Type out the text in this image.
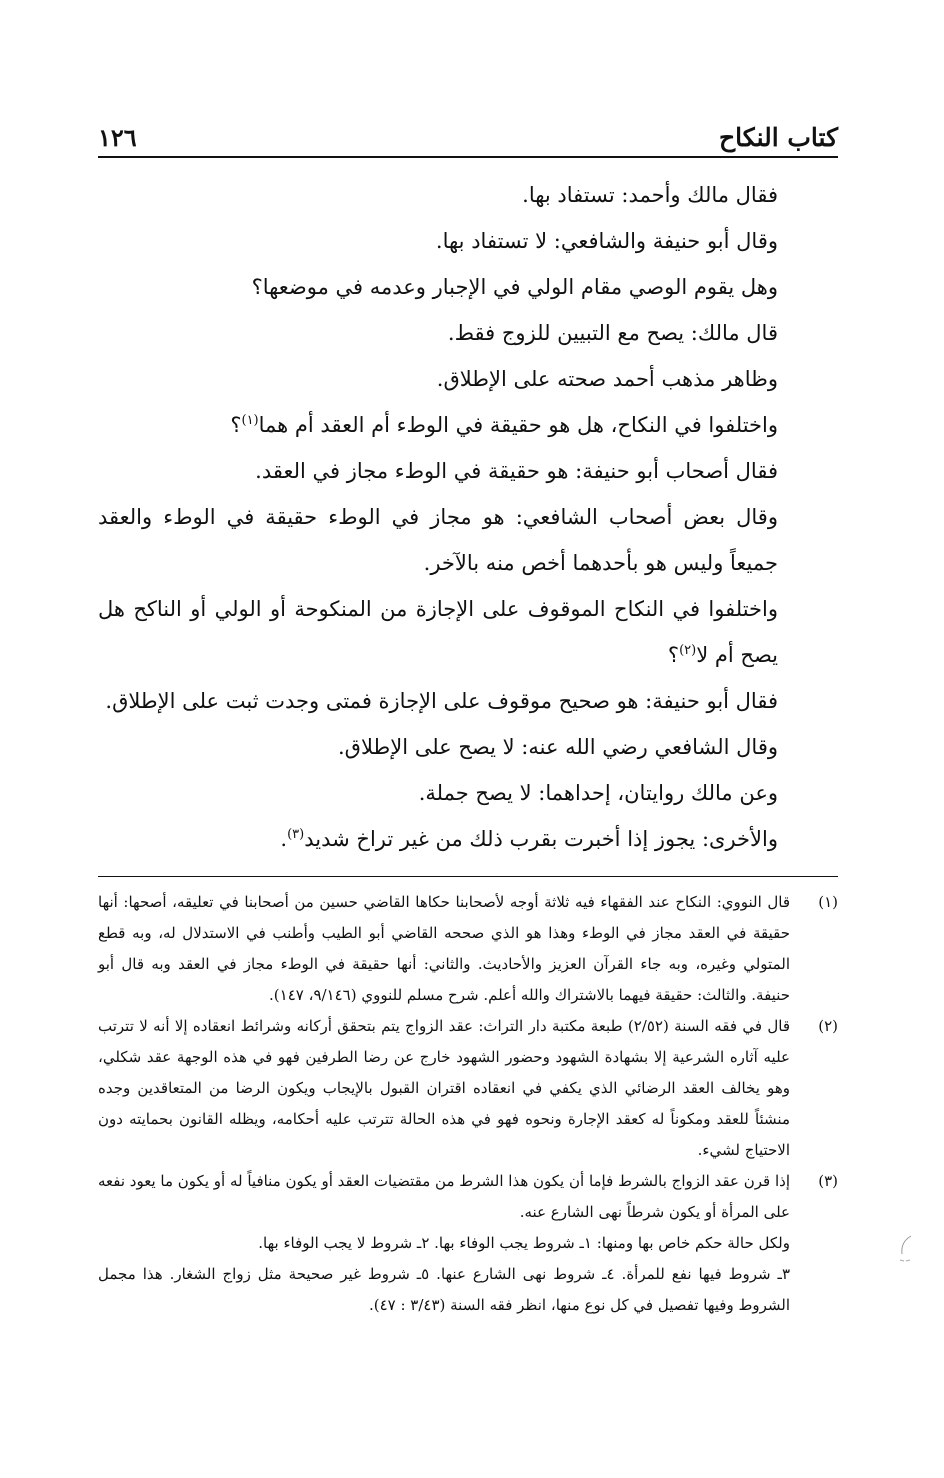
كتاب النكاح
١٢٦

فقال مالك وأحمد: تستفاد بها.

وقال أبو حنيفة والشافعي: لا تستفاد بها.

وهل يقوم الوصي مقام الولي في الإجبار وعدمه في موضعها؟

قال مالك: يصح مع التبيين للزوج فقط.

وظاهر مذهب أحمد صحته على الإطلاق.

واختلفوا في النكاح، هل هو حقيقة في الوطء أم العقد أم هما$^{(١)}$؟

فقال أصحاب أبو حنيفة: هو حقيقة في الوطء مجاز في العقد.

وقال بعض أصحاب الشافعي: هو مجاز في الوطء حقيقة في الوطء والعقد جميعاً وليس هو بأحدهما أخص منه بالآخر.

واختلفوا في النكاح الموقوف على الإجازة من المنكوحة أو الولي أو الناكح هل يصح أم لا$^{(٢)}$؟

فقال أبو حنيفة: هو صحيح موقوف على الإجازة فمتى وجدت ثبت على الإطلاق.

وقال الشافعي رضي الله عنه: لا يصح على الإطلاق.

وعن مالك روايتان، إحداهما: لا يصح جملة.

والأخرى: يجوز إذا أخبرت بقرب ذلك من غير تراخ شديد$^{(٣)}$.

(١)
قال النووي: النكاح عند الفقهاء فيه ثلاثة أوجه لأصحابنا حكاها القاضي حسين من أصحابنا في تعليقه، أصحها: أنها حقيقة في العقد مجاز في الوطء وهذا هو الذي صححه القاضي أبو الطيب وأطنب في الاستدلال له، وبه قطع المتولي وغيره، وبه جاء القرآن العزيز والأحاديث. والثاني: أنها حقيقة في الوطء مجاز في العقد وبه قال أبو حنيفة. والثالث: حقيقة فيهما بالاشتراك والله أعلم. شرح مسلم للنووي (٩/١٤٦، ١٤٧).
(٢)
قال في فقه السنة (٢/٥٢) طبعة مكتبة دار التراث: عقد الزواج يتم بتحقق أركانه وشرائط انعقاده إلا أنه لا تترتب عليه آثاره الشرعية إلا بشهادة الشهود وحضور الشهود خارج عن رضا الطرفين فهو في هذه الوجهة عقد شكلي، وهو يخالف العقد الرضائي الذي يكفي في انعقاده اقتران القبول بالإيجاب ويكون الرضا من المتعاقدين وجده منشئاً للعقد ومكوناً له كعقد الإجارة ونحوه فهو في هذه الحالة تترتب عليه أحكامه، ويظله القانون بحمايته دون الاحتياج لشيء.
(٣)
إذا قرن عقد الزواج بالشرط فإما أن يكون هذا الشرط من مقتضيات العقد أو يكون منافياً له أو يكون ما يعود نفعه على المرأة أو يكون شرطاً نهى الشارع عنه.

ولكل حالة حكم خاص بها ومنها: ١ـ شروط يجب الوفاء بها. ٢ـ شروط لا يجب الوفاء بها.

٣ـ شروط فيها نفع للمرأة. ٤ـ شروط نهى الشارع عنها. ٥ـ شروط غير صحيحة مثل زواج الشغار. هذا مجمل الشروط وفيها تفصيل في كل نوع منها، انظر فقه السنة (٣/٤٣ : ٤٧).
